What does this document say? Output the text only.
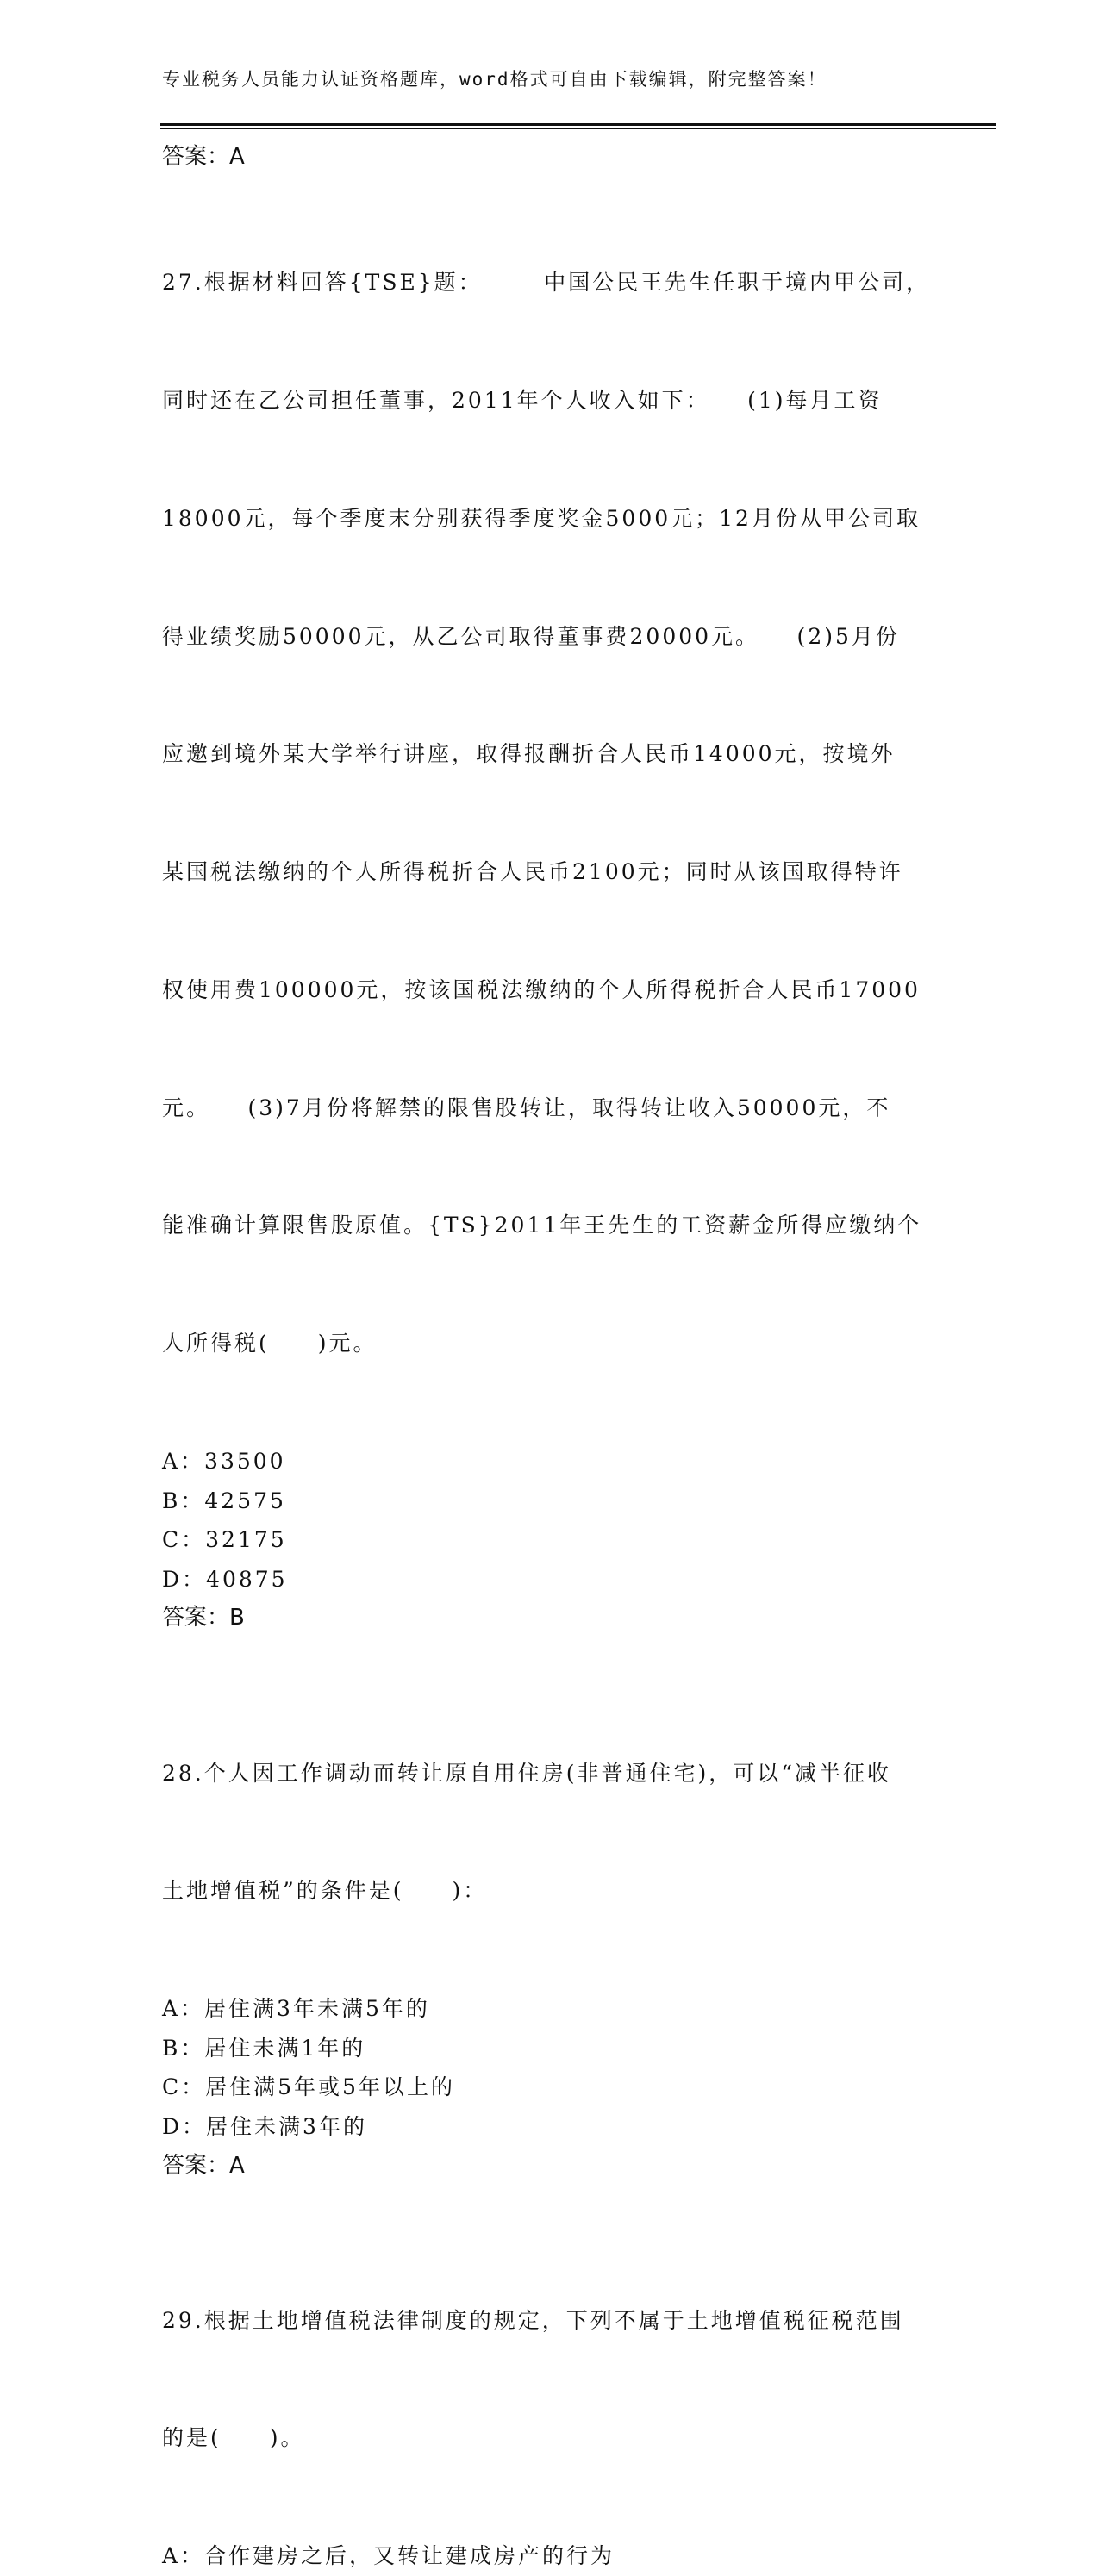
专业税务人员能力认证资格题库，word格式可自由下载编辑，附完整答案！
答案：A

27.根据材料回答{TSE}题：　　　中国公民王先生任职于境内甲公司，

同时还在乙公司担任董事，2011年个人收入如下：　　(1)每月工资

18000元，每个季度末分别获得季度奖金5000元；12月份从甲公司取

得业绩奖励50000元，从乙公司取得董事费20000元。　　(2)5月份

应邀到境外某大学举行讲座，取得报酬折合人民币14000元，按境外

某国税法缴纳的个人所得税折合人民币2100元；同时从该国取得特许

权使用费100000元，按该国税法缴纳的个人所得税折合人民币17000

元。　　(3)7月份将解禁的限售股转让，取得转让收入50000元，不

能准确计算限售股原值。{TS}2011年王先生的工资薪金所得应缴纳个

人所得税(　　)元。

A：33500
B：42575
C：32175
D：40875
答案：B

28.个人因工作调动而转让原自用住房(非普通住宅)，可以“减半征收

土地增值税”的条件是(　　)：

A：居住满3年未满5年的
B：居住未满1年的
C：居住满5年或5年以上的
D：居住未满3年的
答案：A

29.根据土地增值税法律制度的规定，下列不属于土地增值税征税范围

的是(　　)。

A：合作建房之后，又转让建成房产的行为
